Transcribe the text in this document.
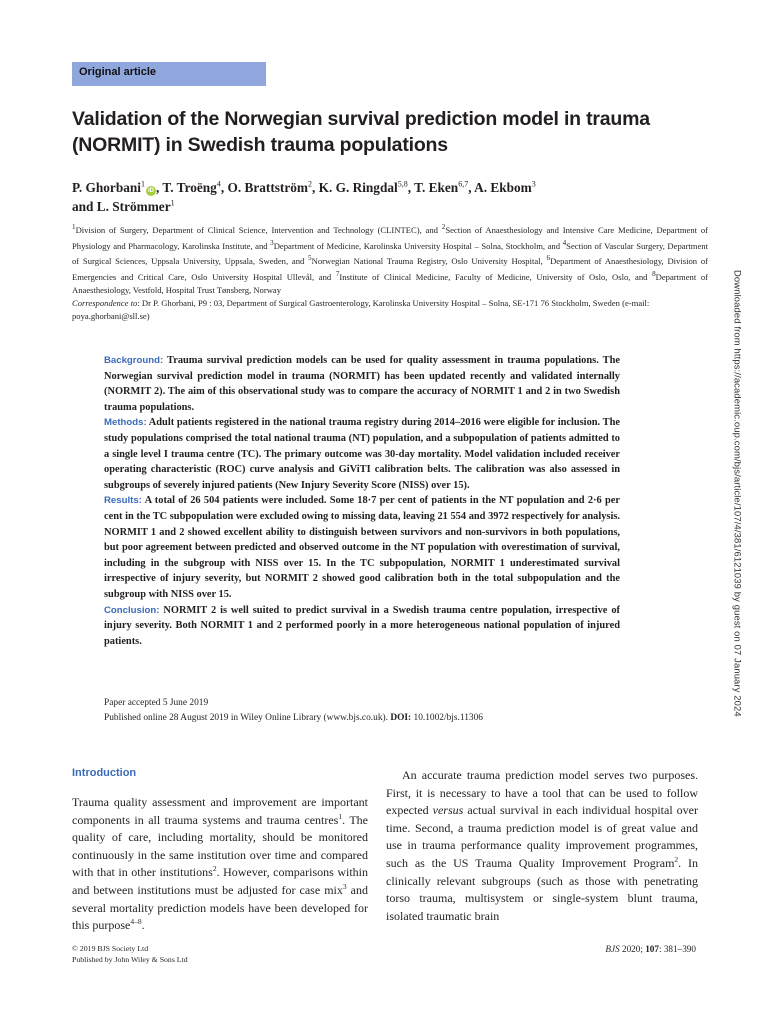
Original article
Validation of the Norwegian survival prediction model in trauma (NORMIT) in Swedish trauma populations
P. Ghorbani$^1$iD , T. Troëng$^4$, O. Brattström$^2$, K. G. Ringdal$^{5,8}$, T. Eken$^{6,7}$, A. Ekbom$^3$
and L. Strömmer$^1$
$^1$Division of Surgery, Department of Clinical Science, Intervention and Technology (CLINTEC), and $^2$Section of Anaesthesiology and Intensive Care Medicine, Department of Physiology and Pharmacology, Karolinska Institute, and $^3$Department of Medicine, Karolinska University Hospital – Solna, Stockholm, and $^4$Section of Vascular Surgery, Department of Surgical Sciences, Uppsala University, Uppsala, Sweden, and $^5$Norwegian National Trauma Registry, Oslo University Hospital, $^6$Department of Anaesthesiology, Division of Emergencies and Critical Care, Oslo University Hospital Ullevål, and $^7$Institute of Clinical Medicine, Faculty of Medicine, University of Oslo, Oslo, and $^8$Department of Anaesthesiology, Vestfold, Hospital Trust Tønsberg, Norway
Correspondence to: Dr P. Ghorbani, P9 : 03, Department of Surgical Gastroenterology, Karolinska University Hospital – Solna, SE-171 76 Stockholm, Sweden (e-mail: poya.ghorbani@sll.se)

Background: Trauma survival prediction models can be used for quality assessment in trauma populations. The Norwegian survival prediction model in trauma (NORMIT) has been updated recently and validated internally (NORMIT 2). The aim of this observational study was to compare the accuracy of NORMIT 1 and 2 in two Swedish trauma populations.

Methods: Adult patients registered in the national trauma registry during 2014–2016 were eligible for inclusion. The study populations comprised the total national trauma (NT) population, and a subpopulation of patients admitted to a single level I trauma centre (TC). The primary outcome was 30-day mortality. Model validation included receiver operating characteristic (ROC) curve analysis and GiViTI calibration belts. The calibration was also assessed in subgroups of severely injured patients (New Injury Severity Score (NISS) over 15).

Results: A total of 26 504 patients were included. Some 18·7 per cent of patients in the NT population and 2·6 per cent in the TC subpopulation were excluded owing to missing data, leaving 21 554 and 3972 respectively for analysis. NORMIT 1 and 2 showed excellent ability to distinguish between survivors and non-survivors in both populations, but poor agreement between predicted and observed outcome in the NT population with overestimation of survival, including in the subgroup with NISS over 15. In the TC subpopulation, NORMIT 1 underestimated survival irrespective of injury severity, but NORMIT 2 showed good calibration both in the total subpopulation and the subgroup with NISS over 15.

Conclusion: NORMIT 2 is well suited to predict survival in a Swedish trauma centre population, irrespective of injury severity. Both NORMIT 1 and 2 performed poorly in a more heterogeneous national population of injured patients.

Paper accepted 5 June 2019
Published online 28 August 2019 in Wiley Online Library (www.bjs.co.uk). DOI: 10.1002/bjs.11306
Introduction
Trauma quality assessment and improvement are important components in all trauma systems and trauma centres$^1$. The quality of care, including mortality, should be monitored continuously in the same institution over time and compared with that in other institutions$^2$. However, comparisons within and between institutions must be adjusted for case mix$^3$ and several mortality prediction models have been developed for this purpose$^{4-8}$.
An accurate trauma prediction model serves two purposes. First, it is necessary to have a tool that can be used to follow expected versus actual survival in each individual hospital over time. Second, a trauma prediction model is of great value and use in trauma performance quality improvement programmes, such as the US Trauma Quality Improvement Program$^2$. In clinically relevant subgroups (such as those with penetrating torso trauma, multisystem or single-system blunt trauma, isolated traumatic brain
© 2019 BJS Society Ltd
Published by John Wiley & Sons Ltd
BJS 2020; 107: 381–390
Downloaded from https://academic.oup.com/bjs/article/107/4/381/6121039 by guest on 07 January 2024
